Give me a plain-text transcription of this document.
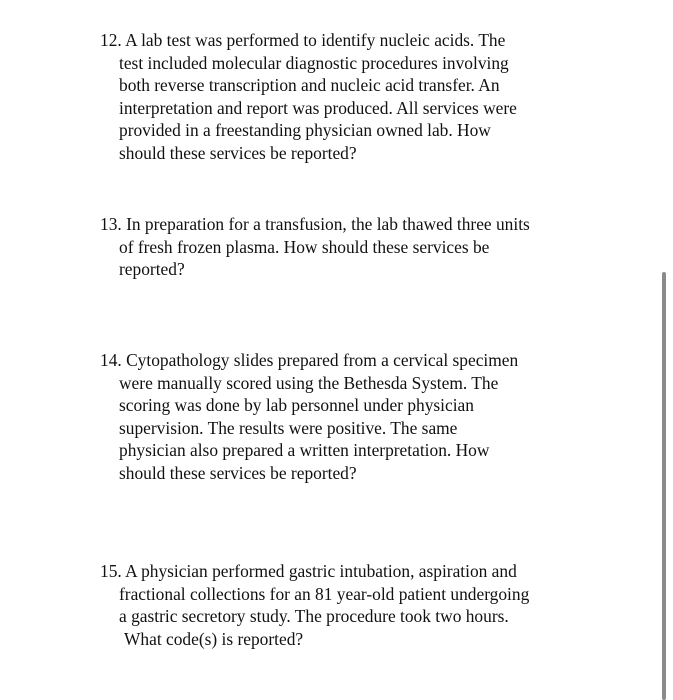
12. A lab test was performed to identify nucleic acids. The
test included molecular diagnostic procedures involving
both reverse transcription and nucleic acid transfer. An
interpretation and report was produced. All services were
provided in a freestanding physician owned lab. How
should these services be reported?
13. In preparation for a transfusion, the lab thawed three units
of fresh frozen plasma. How should these services be
reported?
14. Cytopathology slides prepared from a cervical specimen
were manually scored using the Bethesda System. The
scoring was done by lab personnel under physician
supervision. The results were positive. The same
physician also prepared a written interpretation. How
should these services be reported?
15. A physician performed gastric intubation, aspiration and
fractional collections for an 81 year-old patient undergoing
a gastric secretory study. The procedure took two hours.
What code(s) is reported?
